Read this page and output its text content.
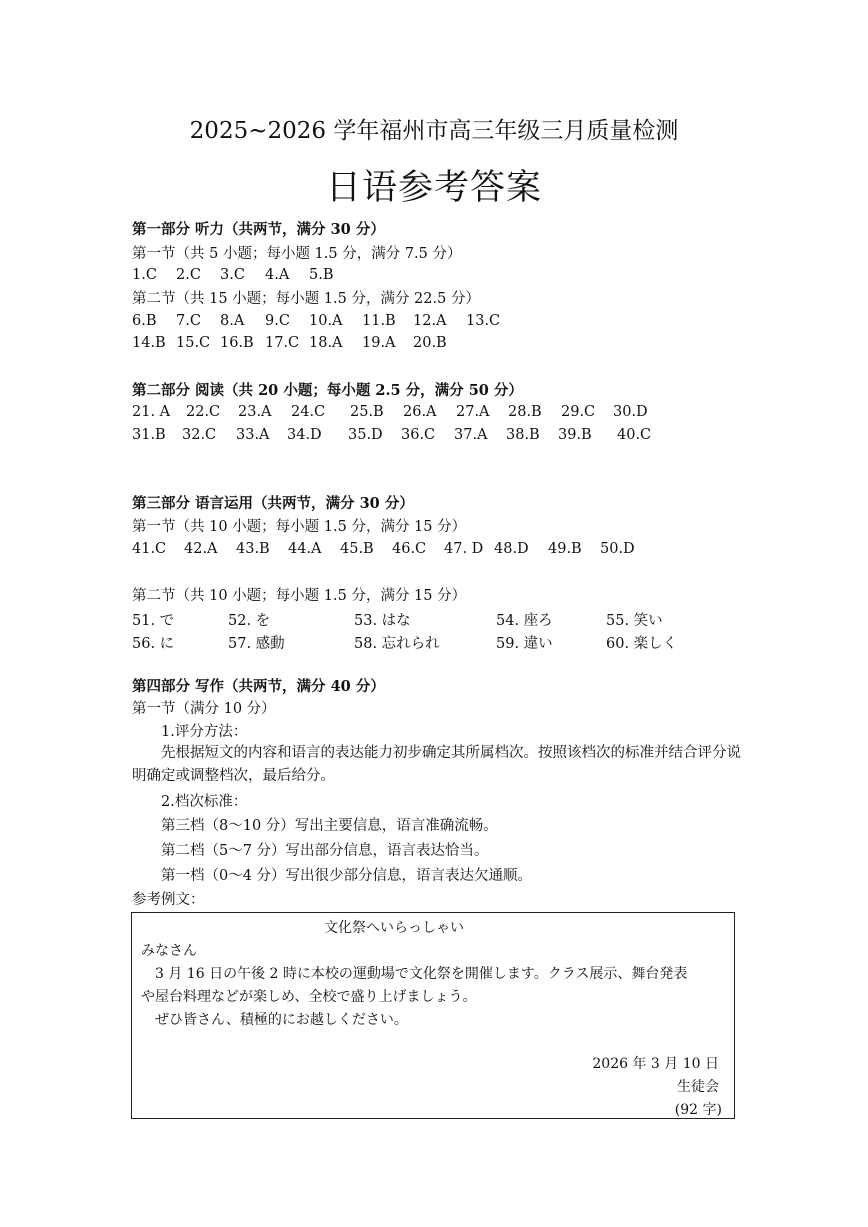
2025~2026 学年福州市高三年级三月质量检测
日语参考答案
第一部分 听力（共两节，满分 30 分）
第一节（共 5 小题；每小题 1.5 分，满分 7.5 分）
1.C 2.C 3.C 4.A 5.B
第二节（共 15 小题；每小题 1.5 分，满分 22.5 分）
6.B 7.C 8.A 9.C 10.A 11.B 12.A 13.C
14.B 15.C 16.B 17.C 18.A 19.A 20.B
第二部分 阅读（共 20 小题；每小题 2.5 分，满分 50 分）
21. A 22.C 23.A 24.C 25.B 26.A 27.A 28.B 29.C 30.D
31.B 32.C 33.A 34.D 35.D 36.C 37.A 38.B 39.B 40.C
第三部分 语言运用（共两节，满分 30 分）
第一节（共 10 小题；每小题 1.5 分，满分 15 分）
41.C 42.A 43.B 44.A 45.B 46.C 47. D 48.D 49.B 50.D
第二节（共 10 小题；每小题 1.5 分，满分 15 分）
51. で	52. を	53. はな	54. 座ろ	55. 笑い
56. に	57. 感動	58. 忘れられ	59. 違い	60. 楽しく
第四部分 写作（共两节，满分 40 分）
第一节（满分 10 分）
1.评分方法：
先根据短文的内容和语言的表达能力初步确定其所属档次。按照该档次的标准并结合评分说明确定或调整档次，最后给分。
2.档次标准：
第三档（8～10 分）写出主要信息，语言准确流畅。
第二档（5～7 分）写出部分信息，语言表达恰当。
第一档（0～4 分）写出很少部分信息，语言表达欠通顺。
参考例文：
文化祭へいらっしゃい
みなさん
3 月 16 日の午後 2 時に本校の運動場で文化祭を開催します。クラス展示、舞台発表
や屋台料理などが楽しめ、全校で盛り上げましょう。
ぜひ皆さん、積極的にお越しください。
2026 年 3 月 10 日
生徒会
(92 字)
